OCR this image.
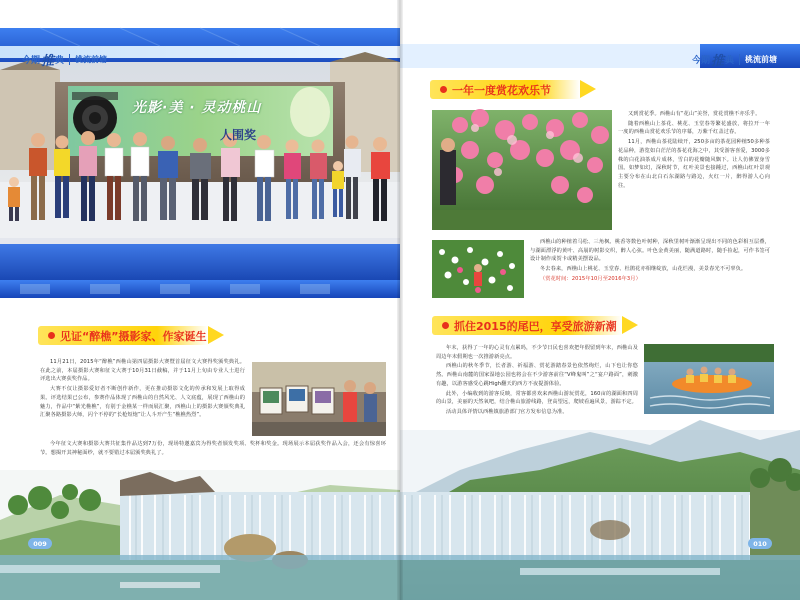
今期 推 典 桃流前塘
光影·美 · 灵动桃山
人围奖
见证“醉樵”摄影家、作家诞生

11月21日，2015年“醉樵”西樵山第四届摄影大赛暨首届征文大赛得奖颁奖典礼。在此之前，本届摄影大赛和征文大赛于10月31日截稿，并于11月上旬由专业人士进行评选出大赛获奖作品。

大赛不仅让摄影爱好者不断创作新作，更在推动摄影文化的传承和发展上取得成果。评选结果已公布，参赛作品体现了西樵山的自然风光、人文底蕴，展现了西樵山的魅力，作品中“紫光樵樵”，有别于金樵某一样而展汇聚，西樵山上的摄影大赛颁奖典礼汇聚各路摄影大师，闪个不停的“长枪短炮”让人斗开产生“樵樵热烈”。

今年征文大赛和摄影大赛共征集作品达到7万份，现场特邀嘉宾为得奖者颁发奖项、奖杯和奖金。现场展示本届获奖作品入会，还会有惊喜环节。想揭开其神秘面纱，就不要错过本届颁奖典礼了。

009
今期 推 典 桃流前塘
一年一度赏花欢乐节

又到赏花季。西樵山有“花山”美誉，赏花赏樵不亦乐乎。

随着西樵山上茶花、桃花、玉堂春等繁花盛放，将拉开一年一度的西樵山赏花欢乐节的序幕，万紫千红盖过春。

11月，西樵山茶花陆续开，250多亩的茶花园种植50多种茶花品种，游览如白茫茫的茶花花海之中，其受游客喜爱，3000多株的白花油茶成片成林，雪白的花瓣随风飘下。让人仿佛置身雪国。如梦如幻，深秋时节，红叶美景也接踵过，西樵山红叶景观主要分布在山北白石东湖路与路边，火红一片，醉得游人心向往。

西樵山的种植着马松、三角枫、桃香等数色叶树种，深秋里树叶渐渐呈现出不同的色彩相互层叠，与湖面漂浮的黄叶、高崩的树影交织，醉人心弦。叶色金黄美丽，随满道路时，随手捡起，可作书签可设计制作成贺卡或精美摆设品。

冬去春来，西樵山上桃花、玉堂春、杜鹃花亦相继绽放，山花烂漫，美景春光不可辜负。

（赏花时间：2015年10月至2016年3月）

抓住2015的尾巴，享受旅游新潮

年末，获得了一年的心灵有点累吗，不少节日民也喜欢把年假留到年末，西樵山及周边年末假期也一次推游新亮点。

西樵山的秋冬季节，长者游、祈福游、赏花游踏春景色依然绚烂，山下也让你悠然。西樵山南麓的国家湿地公园也将会在不少游客前往“V峰鬼叫”之“宴户路面”，刺激有趣，以游客感受心跳High翻天的西方不夜提游体验。

此外，小编收到的游客反映，常客都喜欢来西樵山游玩赏花，160亩的湖面和四周的山景，美丽的天然氧吧，结合樵山旅游线路，登高望远，爬坡看遍风景，游踪不定。

活动具体详情以西樵镇旅游部门官方发布信息为准。

010
